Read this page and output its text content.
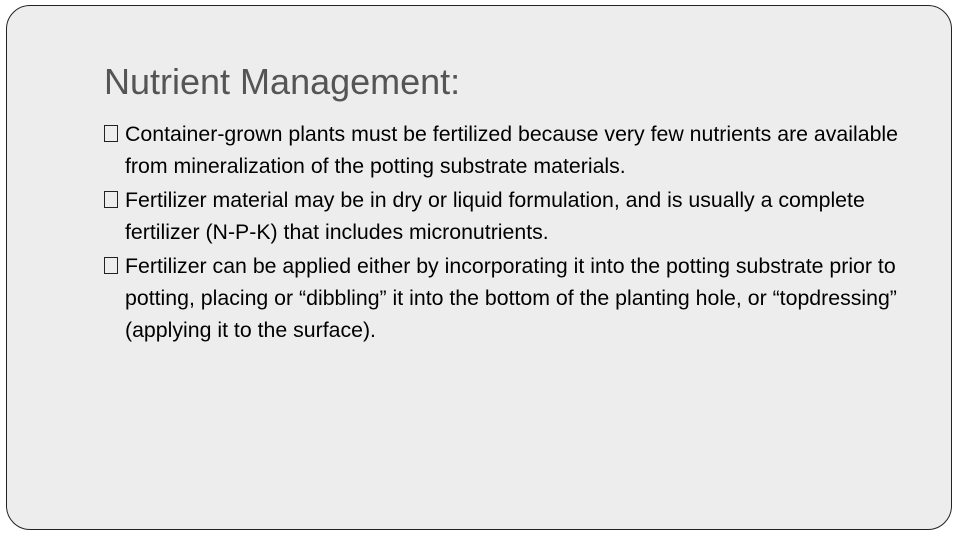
Nutrient Management:
Container-grown plants must be fertilized because very few nutrients are available from mineralization of the potting substrate materials.
Fertilizer material may be in dry or liquid formulation, and is usually a complete fertilizer (N-P-K) that includes micronutrients.
Fertilizer can be applied either by incorporating it into the potting substrate prior to potting, placing or “dibbling” it into the bottom of the planting hole, or “topdressing” (applying it to the surface).
